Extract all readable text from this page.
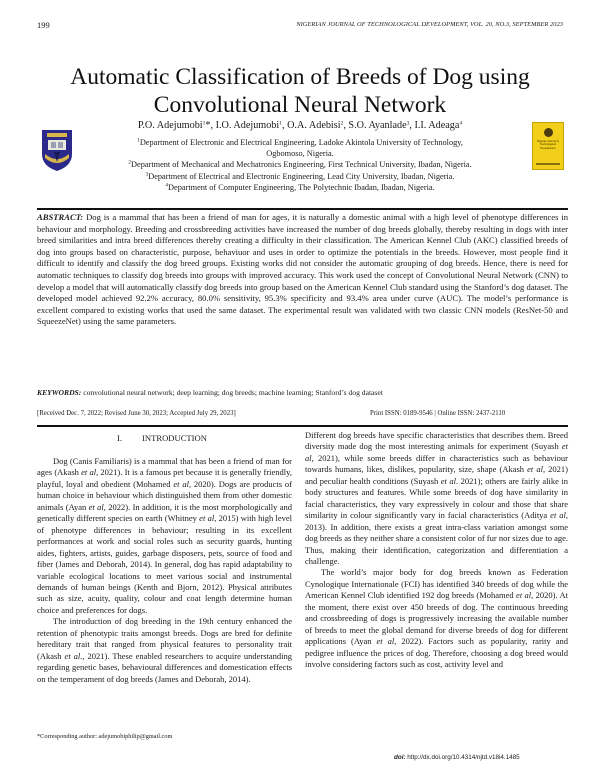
199	NIGERIAN JOURNAL OF TECHNOLOGICAL DEVELOPMENT, VOL. 20, NO.3, SEPTEMBER 2023
Automatic Classification of Breeds of Dog using
Convolutional Neural Network
Nigerian Journal of Technological Development
P.O. Adejumobi$^1$*, I.O. Adejumobi$^1$, O.A. Adebisi$^2$, S.O. Ayanlade$^3$, I.I. Adeaga$^4$
$^1$Department of Electronic and Electrical Engineering, Ladoke Akintola University of Technology,
Ogbomoso, Nigeria.
$^2$Department of Mechanical and Mechatronics Engineering, First Technical University, Ibadan, Nigeria.
$^3$Department of Electrical and Electronic Engineering, Lead City University, Ibadan, Nigeria.
$^4$Department of Computer Engineering, The Polytechnic Ibadan, Ibadan, Nigeria.
ABSTRACT: Dog is a mammal that has been a friend of man for ages, it is naturally a domestic animal with a high level of phenotype differences in behaviour and morphology. Breeding and crossbreeding activities have increased the number of dog breeds globally, thereby resulting in dogs with inter breed similarities and intra breed differences thereby creating a difficulty in their classification. The American Kennel Club (AKC) classified breeds of dog into groups based on characteristic, purpose, behaviuor and uses in order to optimize the potentials in the breeds. However, most people find it difficult to identify and classify the dog breed groups. Existing works did not consider the automatic grouping of dog breeds. Hence, there is need for automatic techniques to classify dog breeds into groups with improved accuracy. This work used the concept of Convolutional Neural Network (CNN) to develop a model that will automatically classify dog breeds into group based on the American Kennel Club standard using the Stanford’s dog dataset. The developed model achieved 92.2% accuracy, 80.0% sensitivity, 95.3% specificity and 93.4% area under curve (AUC). The model’s performance is excellent compared to existing works that used the same dataset. The experimental result was validated with two classic CNN models (ResNet-50 and SqueezeNet) using the same parameters.
KEYWORDS: convolutional neural network; deep learning; dog breeds; machine learning; Stanford’s dog dataset
[Received Dec. 7, 2022; Revised June 30, 2023; Accepted July 29, 2023]	Print ISSN: 0189-9546 | Online ISSN: 2437-2110
I. INTRODUCTION

Dog (Canis Familiaris) is a mammal that has been a friend of man for ages (Akash et al, 2021). It is a famous pet because it is generally friendly, playful, loyal and obedient (Mohamed et al, 2020). Dogs are products of human choice in behaviour which distinguished them from other domestic animals (Ayan et al, 2022). In addition, it is the most morphologically and genetically different species on earth (Whitney et al, 2015) with high level of phenotype differences in behaviour; resulting in its excellent performances at work and social roles such as security guards, hunting aides, fighters, artists, guides, garbage disposers, pets, source of food and fiber (James and Deborah, 2014). In general, dog has rapid adaptability to variable ecological locations to meet various social and instrumental demands of human beings (Kenth and Bjorn, 2012). Physical attributes such as size, acuity, quality, colour and coat length determine human choice and preferences for dogs.

The introduction of dog breeding in the 19th century enhanced the retention of phenotypic traits amongst breeds. Dogs are bred for definite hereditary trait that ranged from physical features to personality trait (Akash et al., 2021). These enabled researchers to acquire understanding regarding genetic bases, behavioural differences and domestication effects on the temperament of dog breeds (James and Deborah, 2014).

Different dog breeds have specific characteristics that describes them. Breed diversity made dog the most interesting animals for experiment (Suyash et al, 2021), while some breeds differ in characteristics such as behaviour towards humans, likes, dislikes, popularity, size, shape (Akash et al, 2021) and peculiar health conditions (Suyash et al. 2021); others are fairly alike in body structures and features. While some breeds of dog have similarity in facial characteristics, they vary expressively in colour and those that share similarity in colour significantly vary in facial characteristics (Aditya et al, 2013). In addition, there exists a great intra-class variation amongst some dog breeds as they neither share a consistent color of fur nor sizes due to age. Thus, making their identification, categorization and differentiation a challenge.

The world’s major body for dog breeds known as Federation Cynologique Internationale (FCI) has identified 340 breeds of dog while the American Kennel Club identified 192 dog breeds (Mohamed et al, 2020). At the moment, there exist over 450 breeds of dog. The continuous breeding and crossbreeding of dogs is progressively increasing the available number of breeds to meet the global demand for diverse breeds of dog for different applications (Ayan et al, 2022). Factors such as popularity, rarity and pedigree influence the prices of dog. Therefore, choosing a dog breed would involve considering factors such as cost, activity level and

*Corresponding author: adejumobiphilip@gmail.com
doi: http://dx.doi.org/10.4314/njtd.v18i4.1485
